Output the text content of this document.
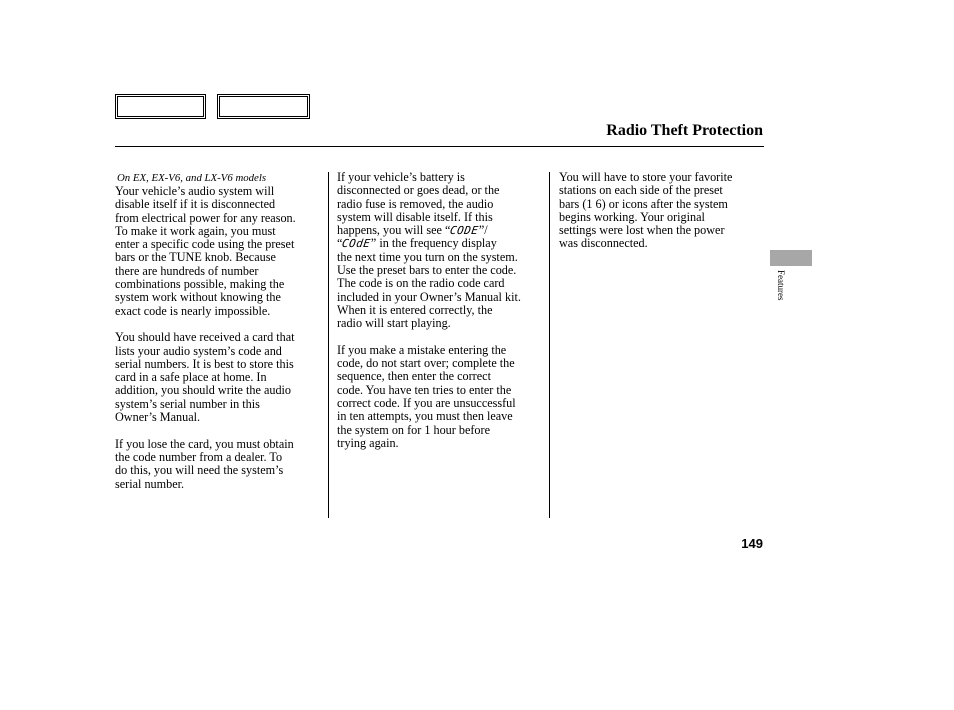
Radio Theft Protection

On EX, EX-V6, and LX-V6 models

Your vehicle’s audio system will

disable itself if it is disconnected

from electrical power for any reason.

To make it work again, you must

enter a specific code using the preset

bars or the TUNE knob. Because

there are hundreds of number

combinations possible, making the

system work without knowing the

exact code is nearly impossible.

You should have received a card that

lists your audio system’s code and

serial numbers. It is best to store this

card in a safe place at home. In

addition, you should write the audio

system’s serial number in this

Owner’s Manual.

If you lose the card, you must obtain

the code number from a dealer. To

do this, you will need the system’s

serial number.

If your vehicle’s battery is

disconnected or goes dead, or the

radio fuse is removed, the audio

system will disable itself. If this

happens, you will see “CODE”/

“COdE” in the frequency display

the next time you turn on the system.

Use the preset bars to enter the code.

The code is on the radio code card

included in your Owner’s Manual kit.

When it is entered correctly, the

radio will start playing.

If you make a mistake entering the

code, do not start over; complete the

sequence, then enter the correct

code. You have ten tries to enter the

correct code. If you are unsuccessful

in ten attempts, you must then leave

the system on for 1 hour before

trying again.

You will have to store your favorite

stations on each side of the preset

bars (1 6) or icons after the system

begins working. Your original

settings were lost when the power

was disconnected.

Features
149
